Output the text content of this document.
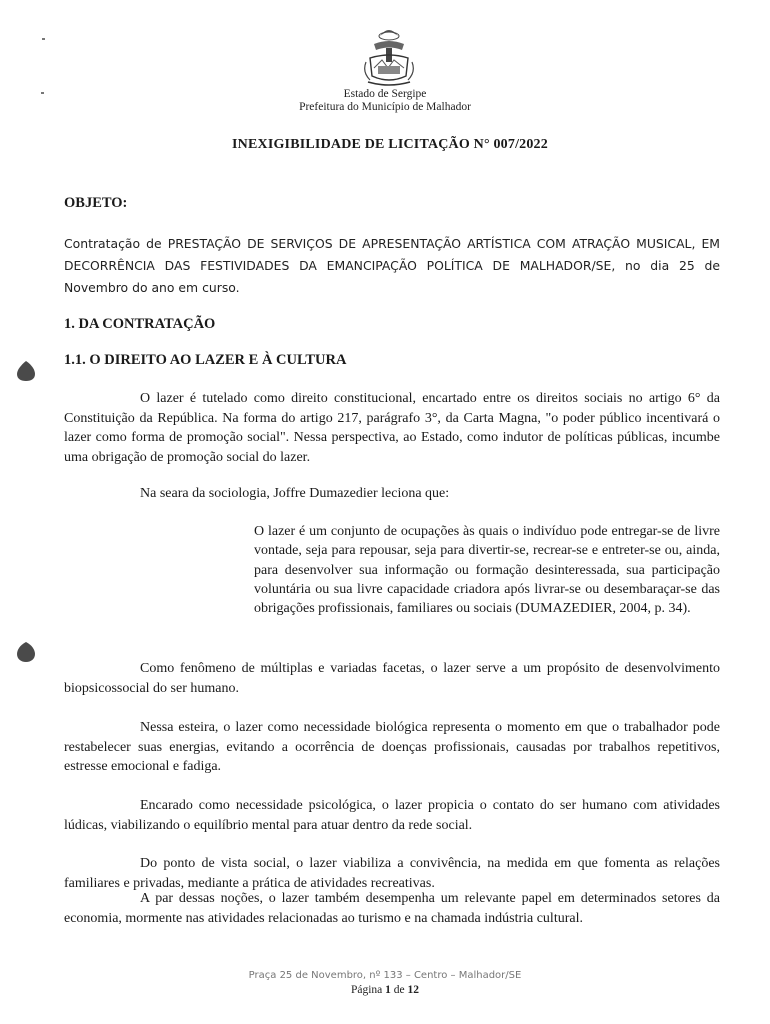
Estado de Sergipe
Prefeitura do Município de Malhador
INEXIGIBILIDADE DE LICITAÇÃO N° 007/2022
OBJETO:
Contratação de PRESTAÇÃO DE SERVIÇOS DE APRESENTAÇÃO ARTÍSTICA COM ATRAÇÃO MUSICAL, EM DECORRÊNCIA DAS FESTIVIDADES DA EMANCIPAÇÃO POLÍTICA DE MALHADOR/SE, no dia 25 de Novembro do ano em curso.
1. DA CONTRATAÇÃO
1.1. O DIREITO AO LAZER E À CULTURA
O lazer é tutelado como direito constitucional, encartado entre os direitos sociais no artigo 6° da Constituição da República. Na forma do artigo 217, parágrafo 3°, da Carta Magna, "o poder público incentivará o lazer como forma de promoção social". Nessa perspectiva, ao Estado, como indutor de políticas públicas, incumbe uma obrigação de promoção social do lazer.
Na seara da sociologia, Joffre Dumazedier leciona que:
O lazer é um conjunto de ocupações às quais o indivíduo pode entregar-se de livre vontade, seja para repousar, seja para divertir-se, recrear-se e entreter-se ou, ainda, para desenvolver sua informação ou formação desinteressada, sua participação voluntária ou sua livre capacidade criadora após livrar-se ou desembaraçar-se das obrigações profissionais, familiares ou sociais (DUMAZEDIER, 2004, p. 34).
Como fenômeno de múltiplas e variadas facetas, o lazer serve a um propósito de desenvolvimento biopsicossocial do ser humano.
Nessa esteira, o lazer como necessidade biológica representa o momento em que o trabalhador pode restabelecer suas energias, evitando a ocorrência de doenças profissionais, causadas por trabalhos repetitivos, estresse emocional e fadiga.
Encarado como necessidade psicológica, o lazer propicia o contato do ser humano com atividades lúdicas, viabilizando o equilíbrio mental para atuar dentro da rede social.
Do ponto de vista social, o lazer viabiliza a convivência, na medida em que fomenta as relações familiares e privadas, mediante a prática de atividades recreativas.
A par dessas noções, o lazer também desempenha um relevante papel em determinados setores da economia, mormente nas atividades relacionadas ao turismo e na chamada indústria cultural.
Praça 25 de Novembro, nº 133 – Centro – Malhador/SE
Página 1 de 12
